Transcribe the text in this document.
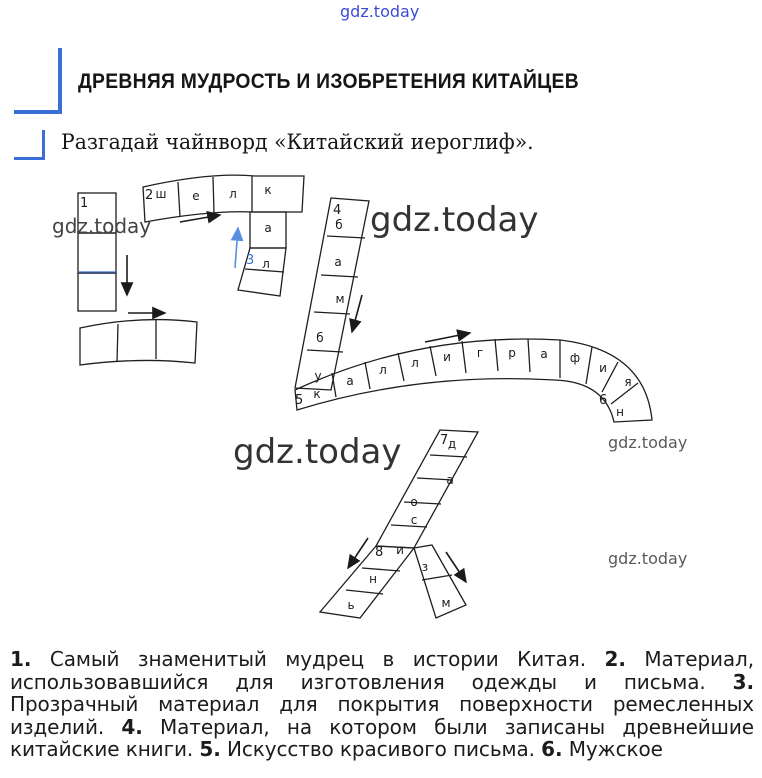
gdz.today
ДРЕВНЯЯ МУДРОСТЬ И ИЗОБРЕТЕНИЯ КИТАЙЦЕВ
Разгадай чайнворд «Китайский иероглиф».
1
2
3
4
5	6
7
8
ш е л к
а
л
б
а
м
б
у
к
а
л л и г р а ф
и
я
н
д
а
о
с
и
н
ь
з
м
gdz.today	gdz.today
gdz.today	gdz.today
gdz.today
1. Самый знаменитый мудрец в истории Китая. 2. Материал, использовавшийся для изготовления одежды и письма. 3. Прозрачный материал для покрытия поверхности ремесленных изделий. 4. Материал, на котором были записаны древнейшие китайские книги. 5. Искусство красивого письма. 6. Мужское
